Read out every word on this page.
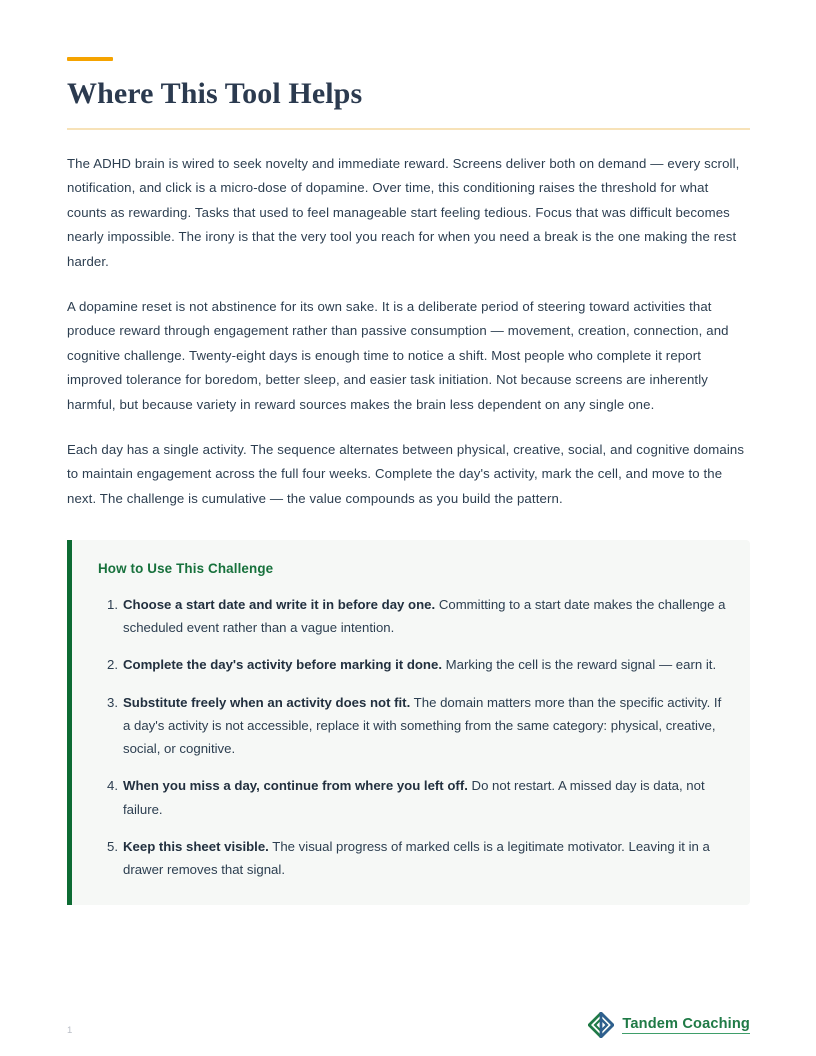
Where This Tool Helps

The ADHD brain is wired to seek novelty and immediate reward. Screens deliver both on demand — every scroll, notification, and click is a micro-dose of dopamine. Over time, this conditioning raises the threshold for what counts as rewarding. Tasks that used to feel manageable start feeling tedious. Focus that was difficult becomes nearly impossible. The irony is that the very tool you reach for when you need a break is the one making the rest harder.

A dopamine reset is not abstinence for its own sake. It is a deliberate period of steering toward activities that produce reward through engagement rather than passive consumption — movement, creation, connection, and cognitive challenge. Twenty-eight days is enough time to notice a shift. Most people who complete it report improved tolerance for boredom, better sleep, and easier task initiation. Not because screens are inherently harmful, but because variety in reward sources makes the brain less dependent on any single one.

Each day has a single activity. The sequence alternates between physical, creative, social, and cognitive domains to maintain engagement across the full four weeks. Complete the day's activity, mark the cell, and move to the next. The challenge is cumulative — the value compounds as you build the pattern.

How to Use This Challenge
Choose a start date and write it in before day one. Committing to a start date makes the challenge a scheduled event rather than a vague intention.
Complete the day's activity before marking it done. Marking the cell is the reward signal — earn it.
Substitute freely when an activity does not fit. The domain matters more than the specific activity. If a day's activity is not accessible, replace it with something from the same category: physical, creative, social, or cognitive.
When you miss a day, continue from where you left off. Do not restart. A missed day is data, not failure.
Keep this sheet visible. The visual progress of marked cells is a legitimate motivator. Leaving it in a drawer removes that signal.
1	Tandem Coaching
